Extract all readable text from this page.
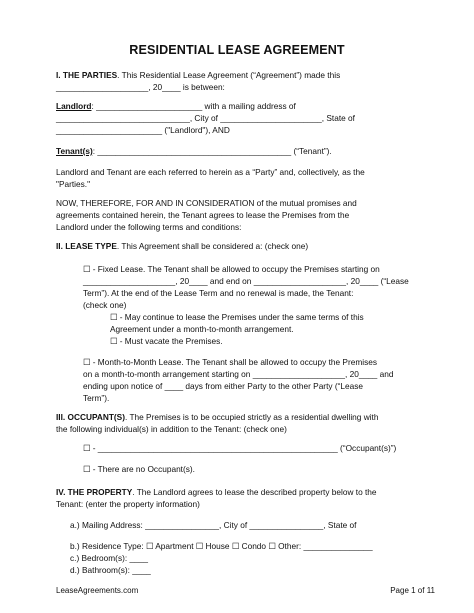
RESIDENTIAL LEASE AGREEMENT
I. THE PARTIES. This Residential Lease Agreement (“Agreement”) made this
____________________, 20____ is between:
Landlord: _______________________ with a mailing address of
_____________________________, City of ______________________, State of
_______________________ ("Landlord"), AND
Tenant(s): __________________________________________ (“Tenant”).
Landlord and Tenant are each referred to herein as a “Party” and, collectively, as the
"Parties."
NOW, THEREFORE, FOR AND IN CONSIDERATION of the mutual promises and
agreements contained herein, the Tenant agrees to lease the Premises from the
Landlord under the following terms and conditions:
II. LEASE TYPE. This Agreement shall be considered a: (check one)
☐ - Fixed Lease. The Tenant shall be allowed to occupy the Premises starting on
____________________, 20____ and end on ____________________, 20____ (“Lease
Term”). At the end of the Lease Term and no renewal is made, the Tenant:
(check one)
☐ - May continue to lease the Premises under the same terms of this
Agreement under a month-to-month arrangement.
☐ - Must vacate the Premises.
☐ - Month-to-Month Lease. The Tenant shall be allowed to occupy the Premises
on a month-to-month arrangement starting on ____________________, 20____ and
ending upon notice of ____ days from either Party to the other Party (“Lease
Term”).
III. OCCUPANT(S). The Premises is to be occupied strictly as a residential dwelling with
the following individual(s) in addition to the Tenant: (check one)
☐ - ____________________________________________________ (“Occupant(s)”)
☐ - There are no Occupant(s).
IV. THE PROPERTY. The Landlord agrees to lease the described property below to the
Tenant: (enter the property information)
a.) Mailing Address: ________________, City of ________________, State of
b.) Residence Type: ☐ Apartment ☐ House ☐ Condo ☐ Other: _______________
c.) Bedroom(s): ____
d.) Bathroom(s): ____
LeaseAgreements.com	Page 1 of 11
